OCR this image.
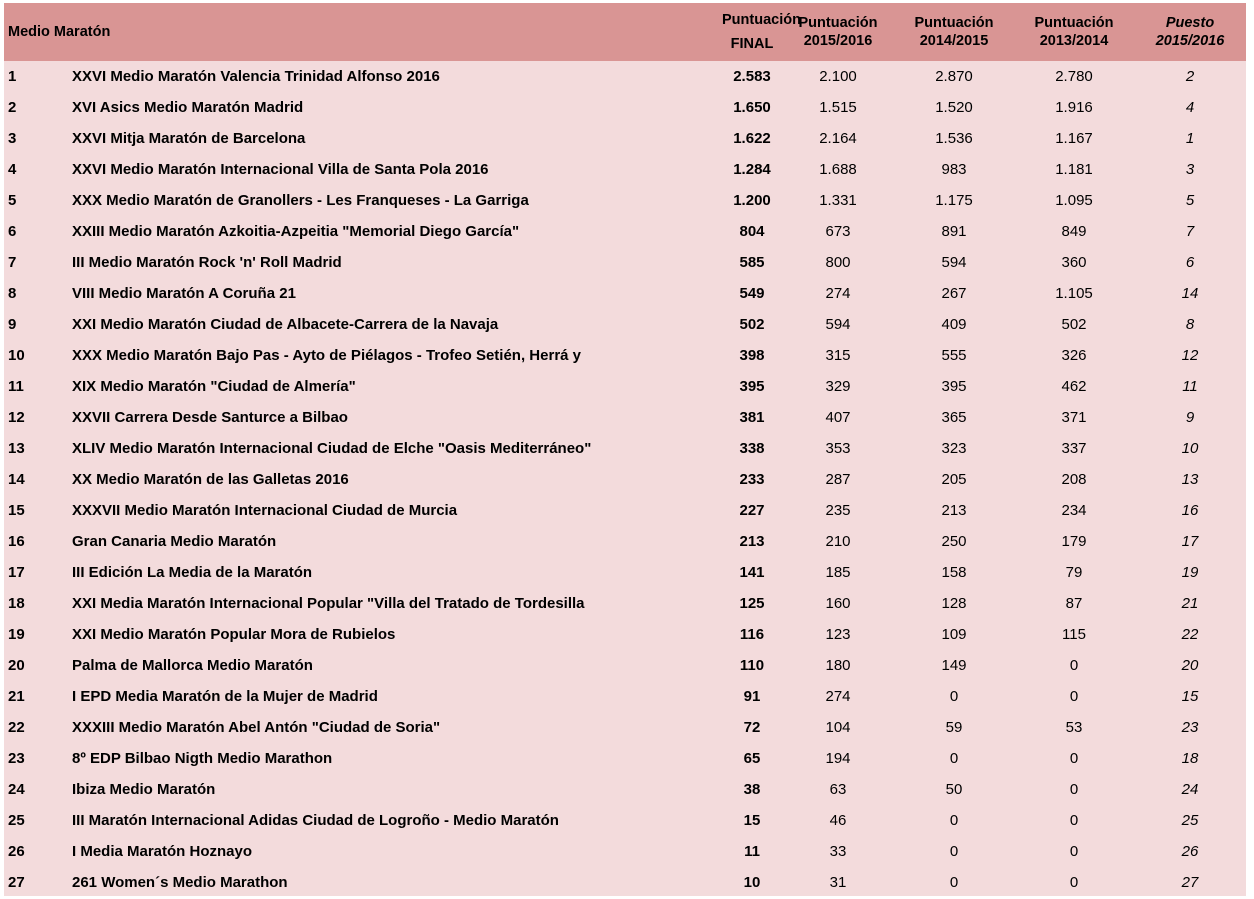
Medio Maratón		Puntuación
FINAL	Puntuación 2015/2016	Puntuación 2014/2015	Puntuación 2013/2014	Puesto 2015/2016
1	XXVI Medio Maratón Valencia Trinidad Alfonso 2016	2.583	2.100	2.870	2.780	2
2	XVI Asics Medio Maratón Madrid	1.650	1.515	1.520	1.916	4
3	XXVI Mitja Maratón de Barcelona	1.622	2.164	1.536	1.167	1
4	XXVI Medio Maratón Internacional Villa de Santa Pola 2016	1.284	1.688	983	1.181	3
5	XXX Medio Maratón de Granollers - Les Franqueses - La Garriga	1.200	1.331	1.175	1.095	5
6	XXIII Medio Maratón Azkoitia-Azpeitia "Memorial Diego García"	804	673	891	849	7
7	III Medio Maratón Rock 'n' Roll Madrid	585	800	594	360	6
8	VIII Medio Maratón A Coruña 21	549	274	267	1.105	14
9	XXI Medio Maratón Ciudad de Albacete-Carrera de la Navaja	502	594	409	502	8
10	XXX Medio Maratón Bajo Pas - Ayto de Piélagos - Trofeo Setién, Herrá y	398	315	555	326	12
11	XIX Medio Maratón "Ciudad de Almería"	395	329	395	462	11
12	XXVII Carrera Desde Santurce a Bilbao	381	407	365	371	9
13	XLIV Medio Maratón Internacional Ciudad de Elche "Oasis Mediterráneo"	338	353	323	337	10
14	XX Medio Maratón de las Galletas 2016	233	287	205	208	13
15	XXXVII Medio Maratón Internacional Ciudad de Murcia	227	235	213	234	16
16	Gran Canaria Medio Maratón	213	210	250	179	17
17	III Edición La Media de la Maratón	141	185	158	79	19
18	XXI Media Maratón Internacional Popular "Villa del Tratado de Tordesilla	125	160	128	87	21
19	XXI Medio Maratón Popular Mora de Rubielos	116	123	109	115	22
20	Palma de Mallorca Medio Maratón	110	180	149	0	20
21	I EPD Media Maratón de la Mujer de Madrid	91	274	0	0	15
22	XXXIII Medio Maratón Abel Antón "Ciudad de Soria"	72	104	59	53	23
23	8º EDP Bilbao Nigth Medio Marathon	65	194	0	0	18
24	Ibiza Medio Maratón	38	63	50	0	24
25	III Maratón Internacional Adidas Ciudad de Logroño - Medio Maratón	15	46	0	0	25
26	I Media Maratón Hoznayo	11	33	0	0	26
27	261 Women´s Medio Marathon	10	31	0	0	27
